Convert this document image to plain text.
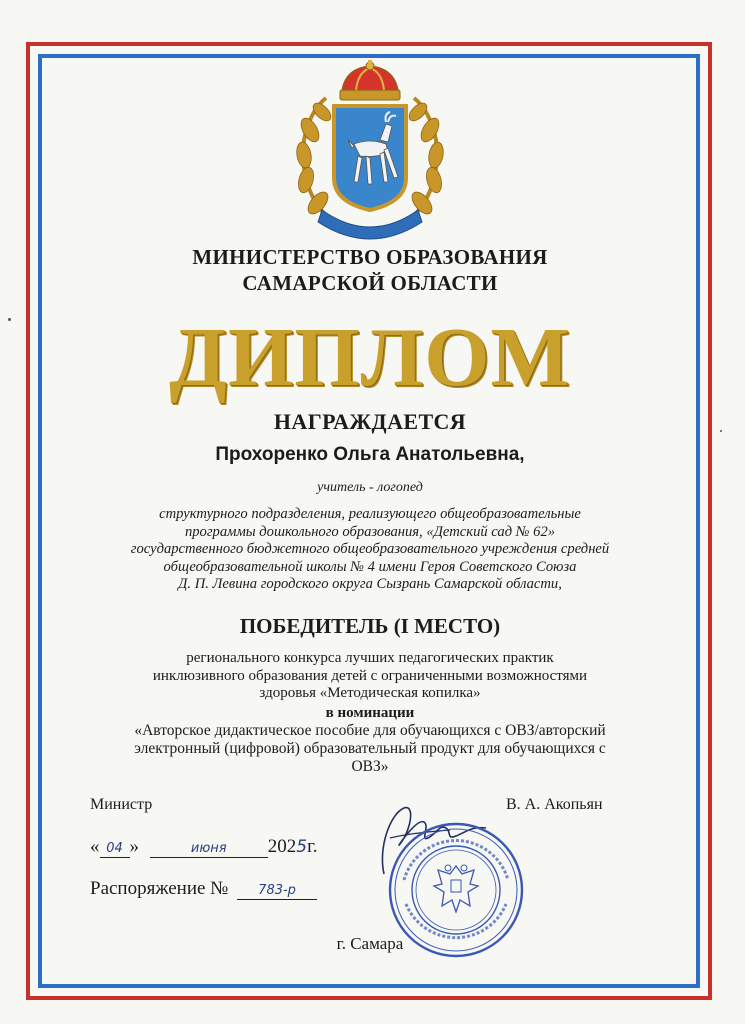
МИНИСТЕРСТВО ОБРАЗОВАНИЯ
САМАРСКОЙ ОБЛАСТИ
ДИПЛОМ
НАГРАЖДАЕТСЯ
Прохоренко Ольга Анатольевна,
учитель - логопед
структурного подразделения, реализующего общеобразовательные
программы дошкольного образования, «Детский сад № 62»
государственного бюджетного общеобразовательного учреждения средней
общеобразовательной школы № 4 имени Героя Советского Союза
Д. П. Левина городского округа Сызрань Самарской области,
ПОБЕДИТЕЛЬ (I МЕСТО)
регионального конкурса лучших педагогических практик
инклюзивного образования детей с ограниченными возможностями
здоровья «Методическая копилка»
в номинации
«Авторское дидактическое пособие для обучающихся с ОВЗ/авторский
электронный (цифровой) образовательный продукт для обучающихся с
ОВЗ»
Министр	В. А. Акопьян
« 04 »	июня 2025г.
Распоряжение № 783-р
г. Самара
